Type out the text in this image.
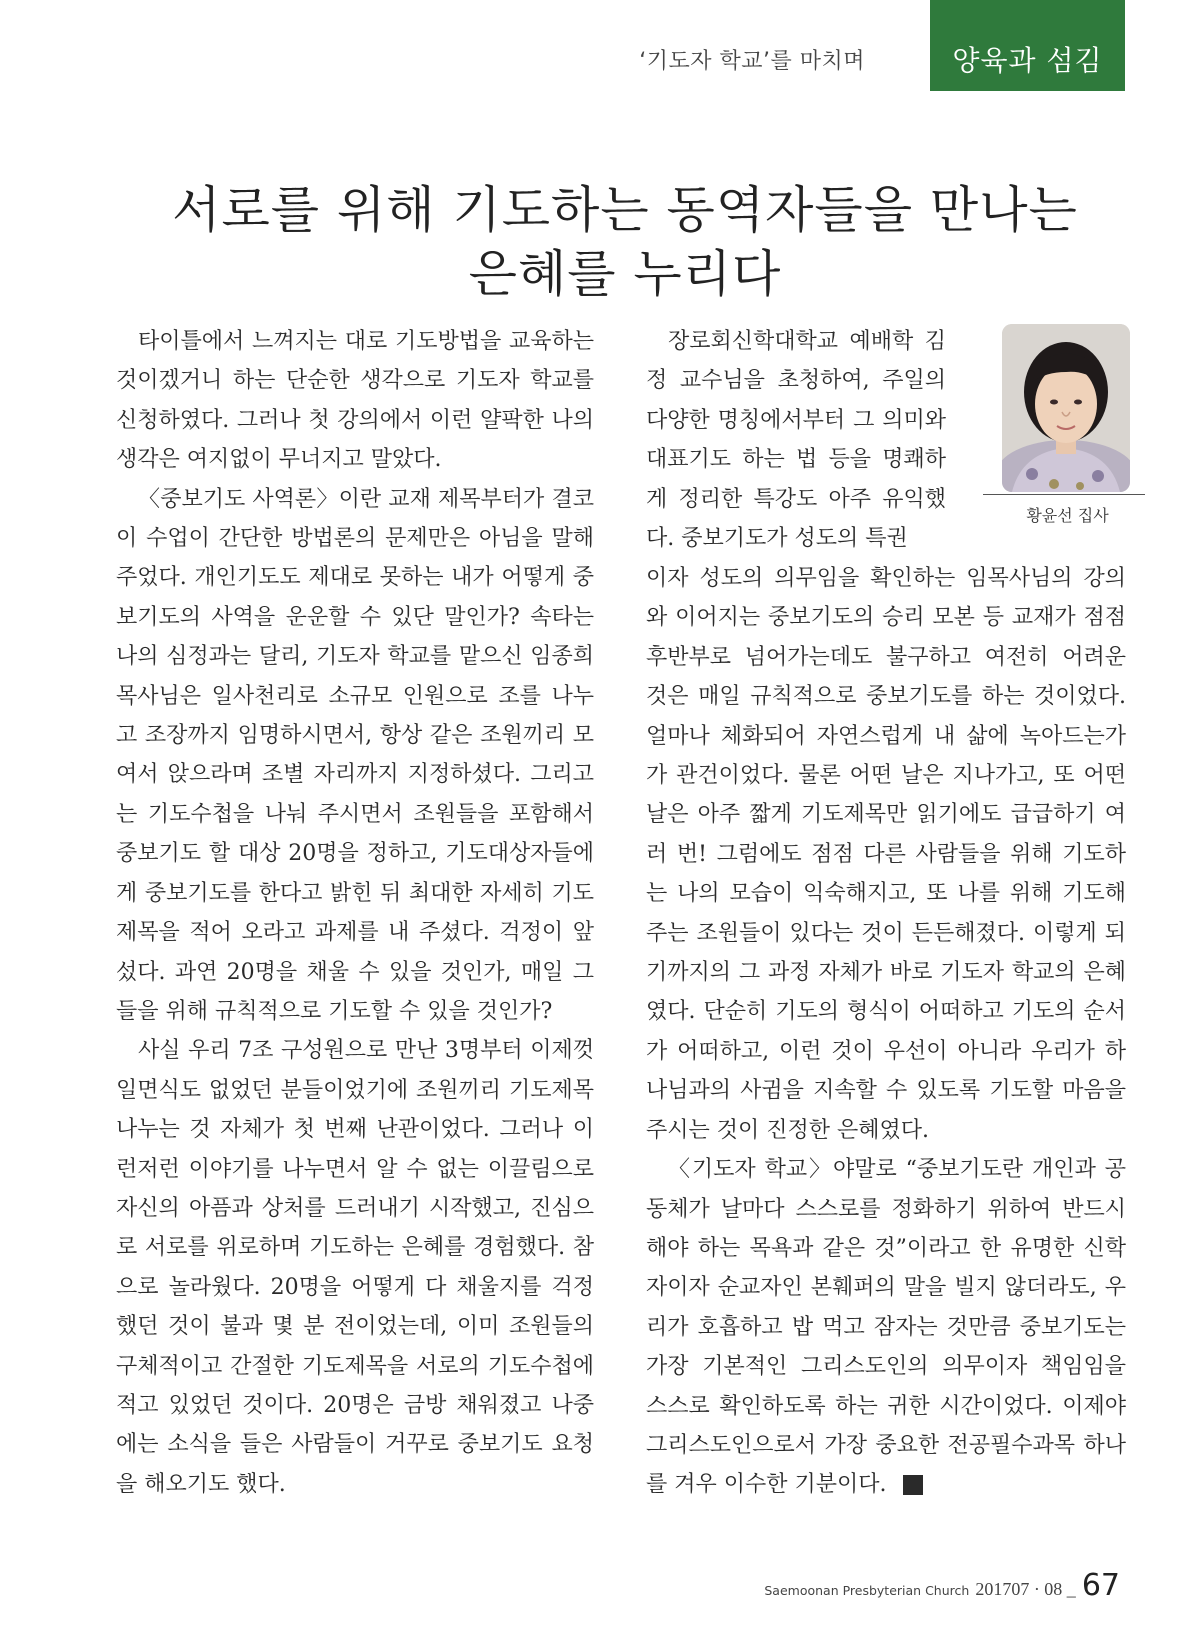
‘기도자 학교’를 마치며	양육과 섬김
서로를 위해 기도하는 동역자들을 만나는
은혜를 누리다

타이틀에서 느껴지는 대로 기도방법을 교육하는 것이겠거니 하는 단순한 생각으로 기도자 학교를 신청하였다. 그러나 첫 강의에서 이런 얄팍한 나의 생각은 여지없이 무너지고 말았다.

〈중보기도 사역론〉이란 교재 제목부터가 결코 이 수업이 간단한 방법론의 문제만은 아님을 말해주었다. 개인기도도 제대로 못하는 내가 어떻게 중보기도의 사역을 운운할 수 있단 말인가? 속타는 나의 심정과는 달리, 기도자 학교를 맡으신 임종희 목사님은 일사천리로 소규모 인원으로 조를 나누고 조장까지 임명하시면서, 항상 같은 조원끼리 모여서 앉으라며 조별 자리까지 지정하셨다. 그리고는 기도수첩을 나눠 주시면서 조원들을 포함해서 중보기도 할 대상 20명을 정하고, 기도대상자들에게 중보기도를 한다고 밝힌 뒤 최대한 자세히 기도제목을 적어 오라고 과제를 내 주셨다. 걱정이 앞섰다. 과연 20명을 채울 수 있을 것인가, 매일 그들을 위해 규칙적으로 기도할 수 있을 것인가?

사실 우리 7조 구성원으로 만난 3명부터 이제껏 일면식도 없었던 분들이었기에 조원끼리 기도제목 나누는 것 자체가 첫 번째 난관이었다. 그러나 이런저런 이야기를 나누면서 알 수 없는 이끌림으로 자신의 아픔과 상처를 드러내기 시작했고, 진심으로 서로를 위로하며 기도하는 은혜를 경험했다. 참으로 놀라웠다. 20명을 어떻게 다 채울지를 걱정했던 것이 불과 몇 분 전이었는데, 이미 조원들의 구체적이고 간절한 기도제목을 서로의 기도수첩에 적고 있었던 것이다. 20명은 금방 채워졌고 나중에는 소식을 들은 사람들이 거꾸로 중보기도 요청을 해오기도 했다.

장로회신학대학교 예배학 김정 교수님을 초청하여, 주일의 다양한 명칭에서부터 그 의미와 대표기도 하는 법 등을 명쾌하게 정리한 특강도 아주 유익했다. 중보기도가 성도의 특권

황윤선 집사

이자 성도의 의무임을 확인하는 임목사님의 강의와 이어지는 중보기도의 승리 모본 등 교재가 점점 후반부로 넘어가는데도 불구하고 여전히 어려운 것은 매일 규칙적으로 중보기도를 하는 것이었다. 얼마나 체화되어 자연스럽게 내 삶에 녹아드는가가 관건이었다. 물론 어떤 날은 지나가고, 또 어떤 날은 아주 짧게 기도제목만 읽기에도 급급하기 여러 번! 그럼에도 점점 다른 사람들을 위해 기도하는 나의 모습이 익숙해지고, 또 나를 위해 기도해주는 조원들이 있다는 것이 든든해졌다. 이렇게 되기까지의 그 과정 자체가 바로 기도자 학교의 은혜였다. 단순히 기도의 형식이 어떠하고 기도의 순서가 어떠하고, 이런 것이 우선이 아니라 우리가 하나님과의 사귐을 지속할 수 있도록 기도할 마음을 주시는 것이 진정한 은혜였다.

〈기도자 학교〉야말로 “중보기도란 개인과 공동체가 날마다 스스로를 정화하기 위하여 반드시 해야 하는 목욕과 같은 것”이라고 한 유명한 신학자이자 순교자인 본훼퍼의 말을 빌지 않더라도, 우리가 호흡하고 밥 먹고 잠자는 것만큼 중보기도는 가장 기본적인 그리스도인의 의무이자 책임임을 스스로 확인하도록 하는 귀한 시간이었다. 이제야 그리스도인으로서 가장 중요한 전공필수과목 하나를 겨우 이수한 기분이다.	새

Saemoonan Presbyterian Church 201707 · 08 _ 67
